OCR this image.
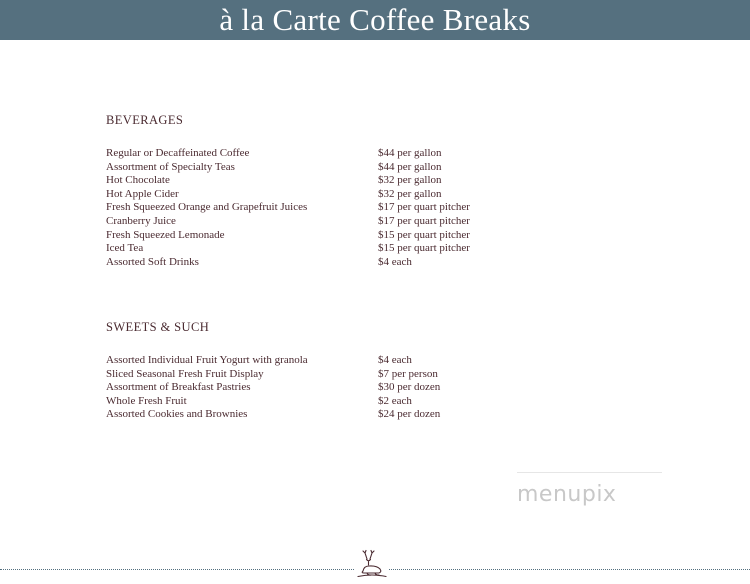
à la Carte Coffee Breaks
BEVERAGES
Regular or Decaffeinated Coffee	$44 per gallon
Assortment of Specialty Teas	$44 per gallon
Hot Chocolate	$32 per gallon
Hot Apple Cider	$32 per gallon
Fresh Squeezed Orange and Grapefruit Juices	$17 per quart pitcher
Cranberry Juice	$17 per quart pitcher
Fresh Squeezed Lemonade	$15 per quart pitcher
Iced Tea	$15 per quart pitcher
Assorted Soft Drinks	$4 each
SWEETS & SUCH
Assorted Individual Fruit Yogurt with granola	$4 each
Sliced Seasonal Fresh Fruit Display	$7 per person
Assortment of Breakfast Pastries	$30 per dozen
Whole Fresh Fruit	$2 each
Assorted Cookies and Brownies	$24 per dozen
menupix
